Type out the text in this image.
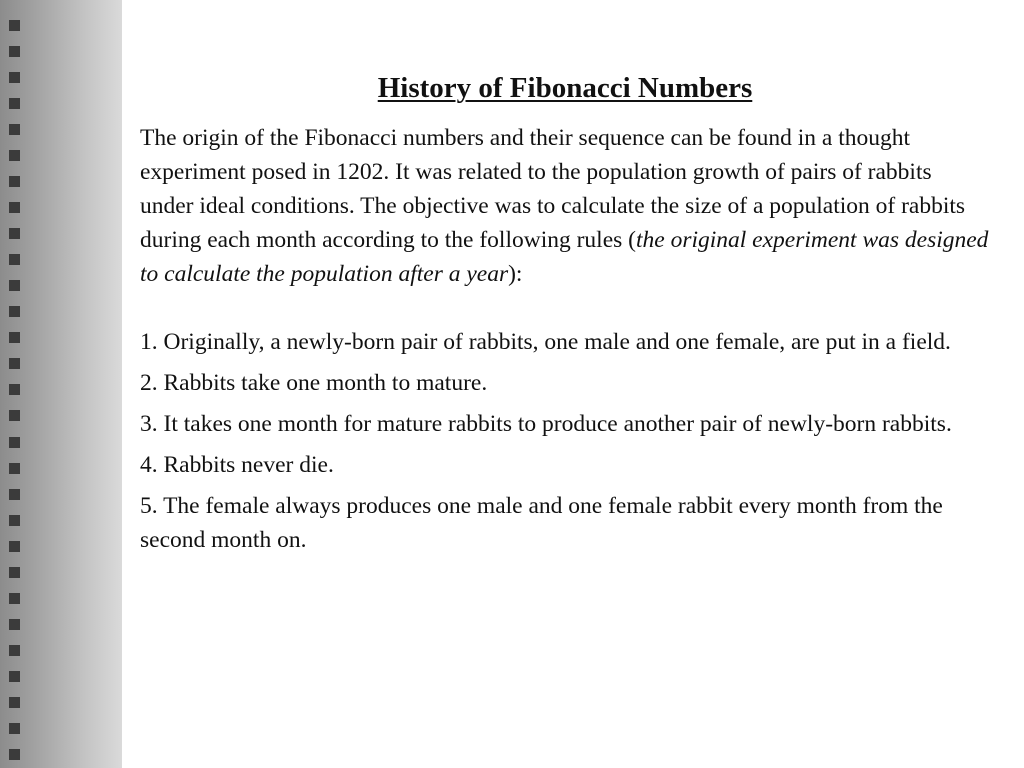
History of Fibonacci Numbers

The origin of the Fibonacci numbers and their sequence can be found in a thought experiment posed in 1202. It was related to the population growth of pairs of rabbits under ideal conditions. The objective was to calculate the size of a population of rabbits during each month according to the following rules (the original experiment was designed to calculate the population after a year):

1. Originally, a newly-born pair of rabbits, one male and one female, are put in a field.
2. Rabbits take one month to mature.
3. It takes one month for mature rabbits to produce another pair of newly-born rabbits.
4. Rabbits never die.
5. The female always produces one male and one female rabbit every month from the second month on.
